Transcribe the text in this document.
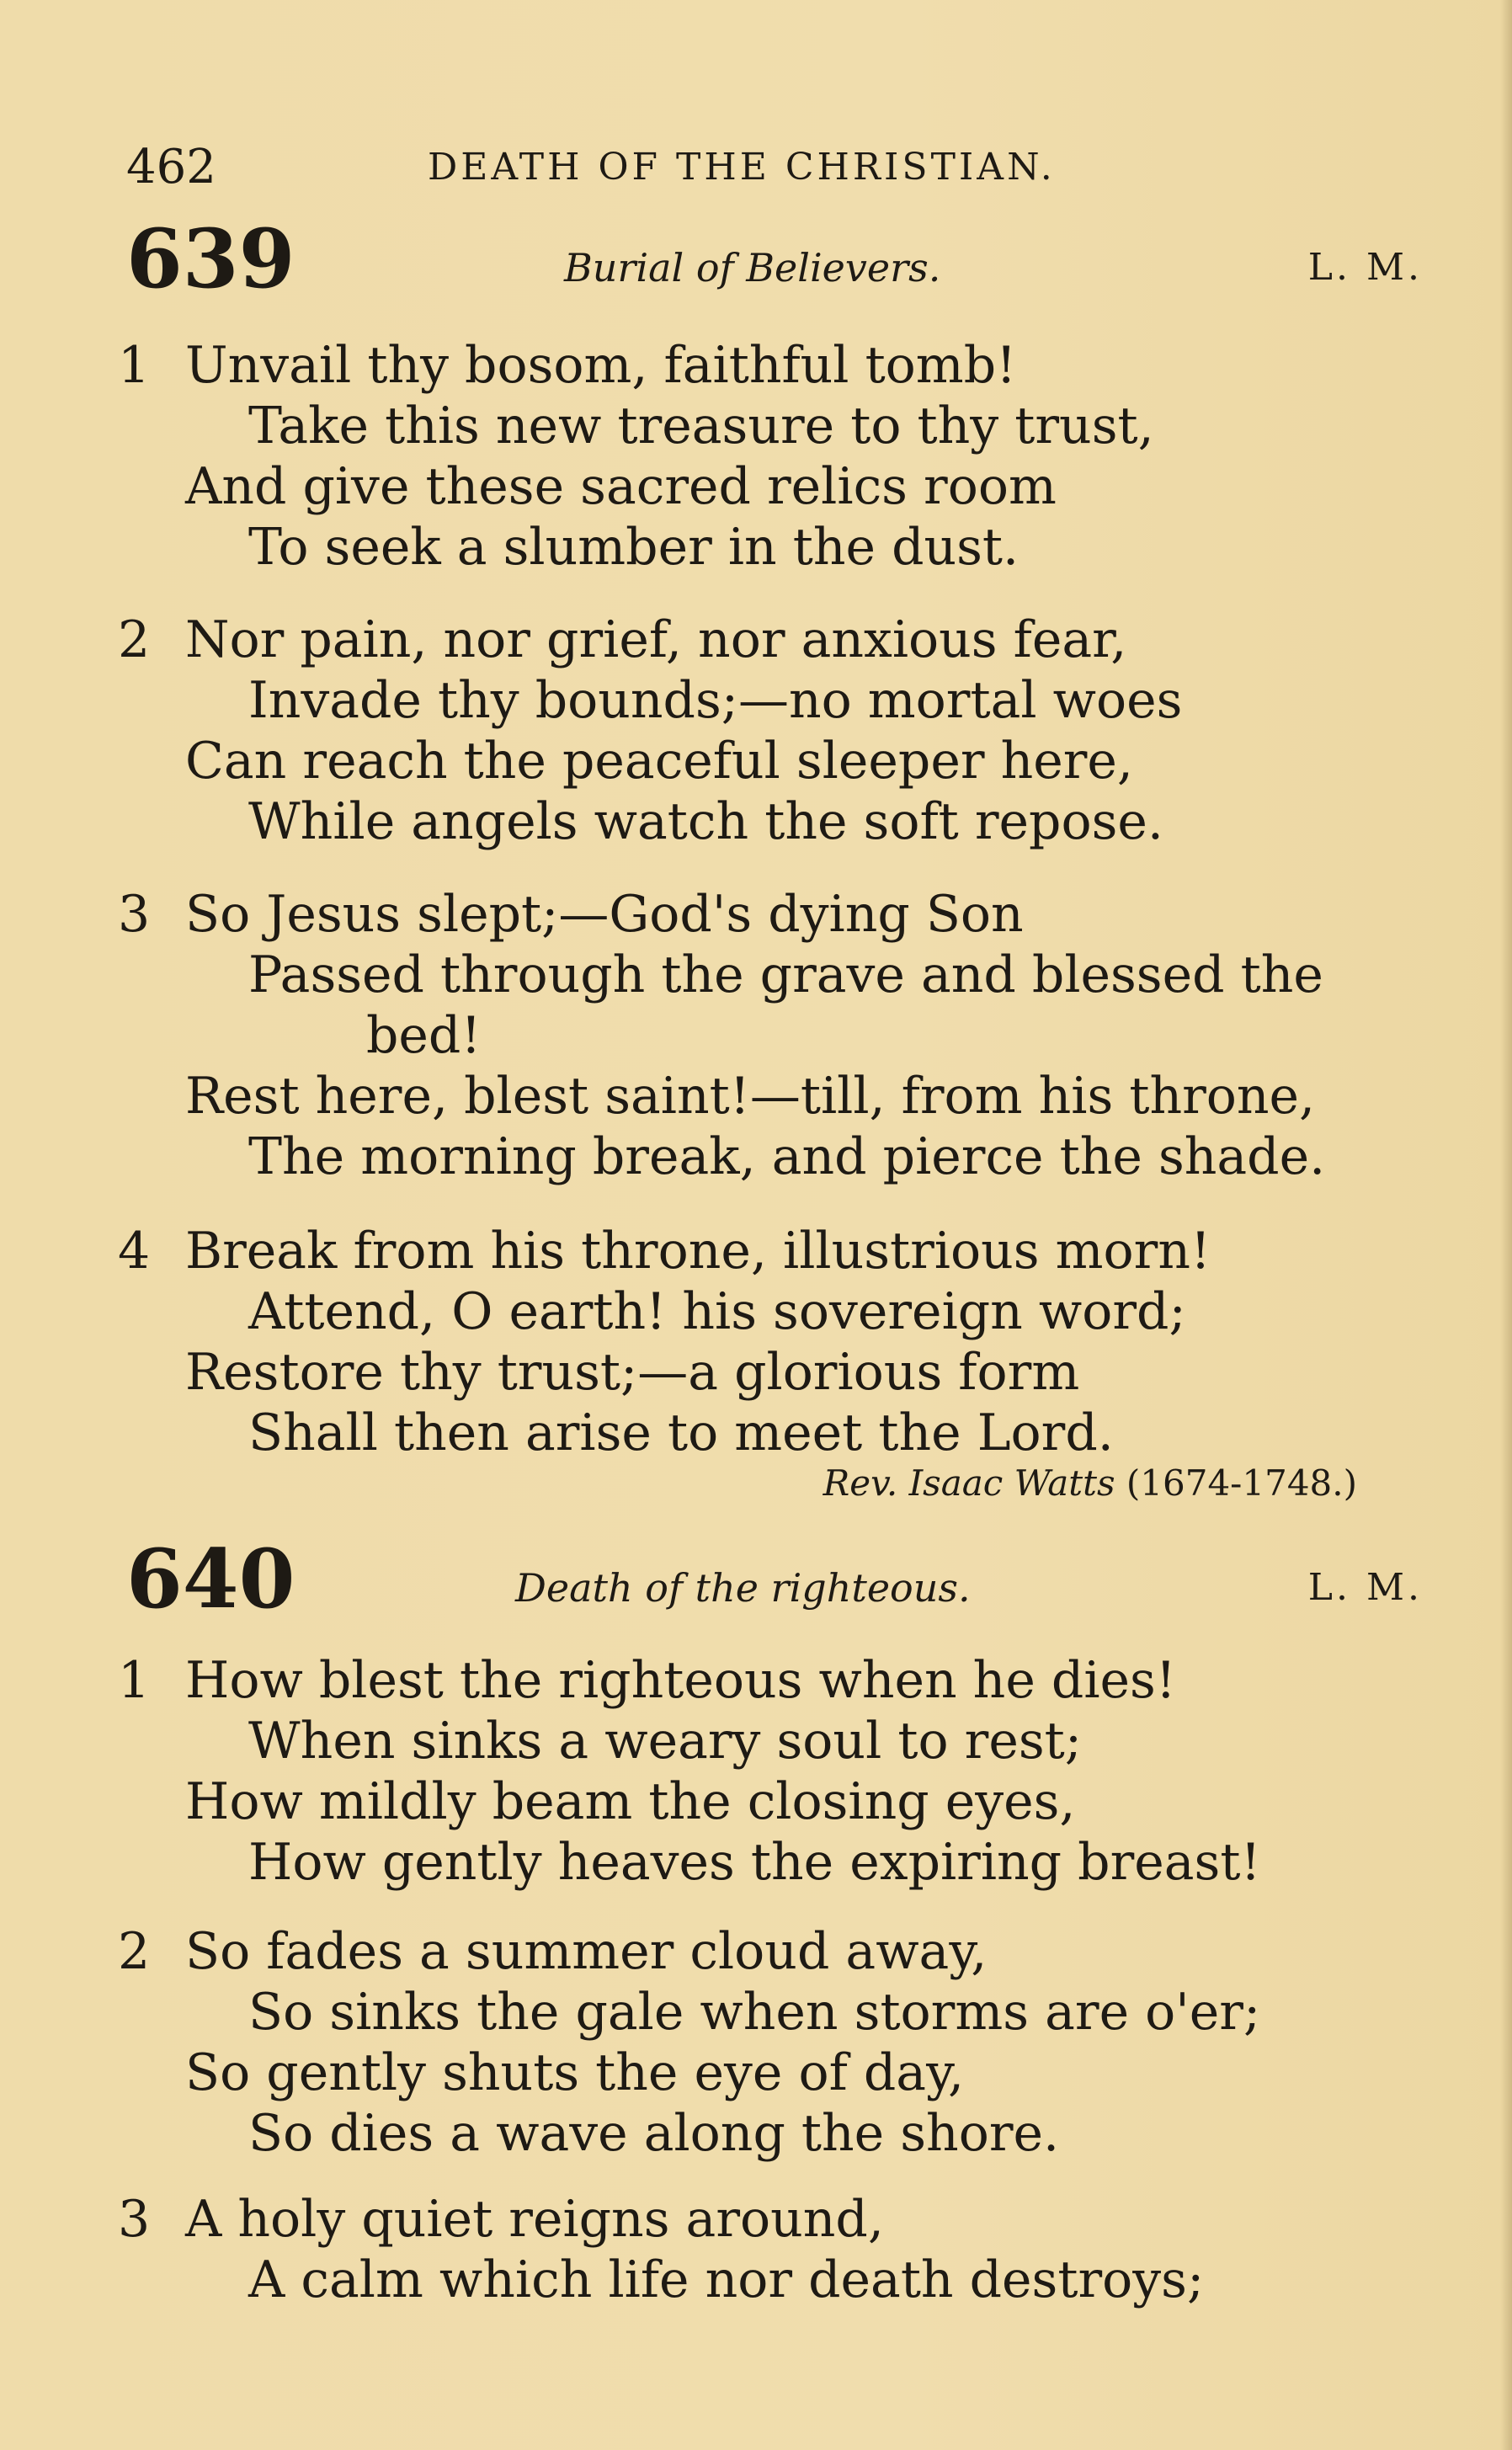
462	DEATH OF THE CHRISTIAN.
639	Burial of Believers.	L. M.
1 Unvail thy bosom, faithful tomb!
Take this new treasure to thy trust,
And give these sacred relics room
To seek a slumber in the dust.
2 Nor pain, nor grief, nor anxious fear,
Invade thy bounds;—no mortal woes
Can reach the peaceful sleeper here,
While angels watch the soft repose.
3 So Jesus slept;—God's dying Son
Passed through the grave and blessed the
bed!
Rest here, blest saint!—till, from his throne,
The morning break, and pierce the shade.
4 Break from his throne, illustrious morn!
Attend, O earth! his sovereign word;
Restore thy trust;—a glorious form
Shall then arise to meet the Lord.
Rev. Isaac Watts (1674-1748.)
640	Death of the righteous.	L. M.
1 How blest the righteous when he dies!
When sinks a weary soul to rest;
How mildly beam the closing eyes,
How gently heaves the expiring breast!
2 So fades a summer cloud away,
So sinks the gale when storms are o'er;
So gently shuts the eye of day,
So dies a wave along the shore.
3 A holy quiet reigns around,
A calm which life nor death destroys;
